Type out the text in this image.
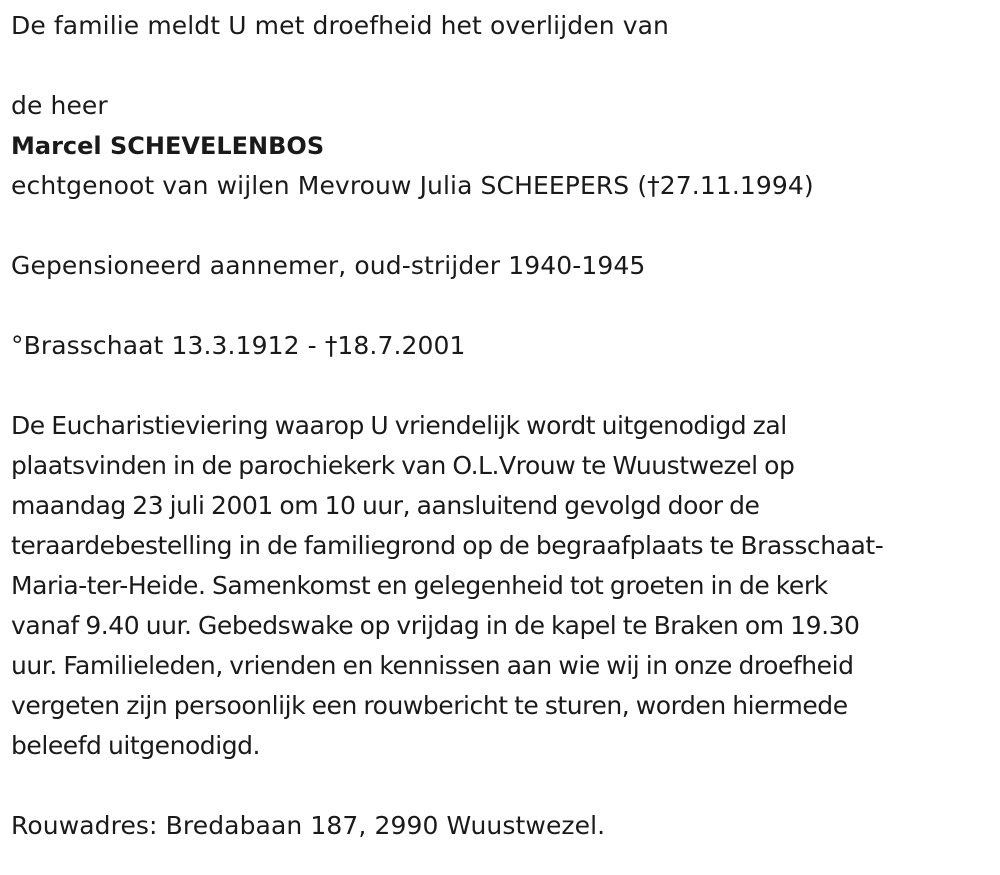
De familie meldt U met droefheid het overlijden van
de heer
Marcel SCHEVELENBOS
echtgenoot van wijlen Mevrouw Julia SCHEEPERS (†27.11.1994)
Gepensioneerd aannemer, oud-strijder 1940-1945
°Brasschaat 13.3.1912 - †18.7.2001
De Eucharistieviering waarop U vriendelijk wordt uitgenodigd zal
plaatsvinden in de parochiekerk van O.L.Vrouw te Wuustwezel op
maandag 23 juli 2001 om 10 uur, aansluitend gevolgd door de
teraardebestelling in de familiegrond op de begraafplaats te Brasschaat-
Maria-ter-Heide. Samenkomst en gelegenheid tot groeten in de kerk
vanaf 9.40 uur. Gebedswake op vrijdag in de kapel te Braken om 19.30
uur. Familieleden, vrienden en kennissen aan wie wij in onze droefheid
vergeten zijn persoonlijk een rouwbericht te sturen, worden hiermede
beleefd uitgenodigd.
Rouwadres: Bredabaan 187, 2990 Wuustwezel.
